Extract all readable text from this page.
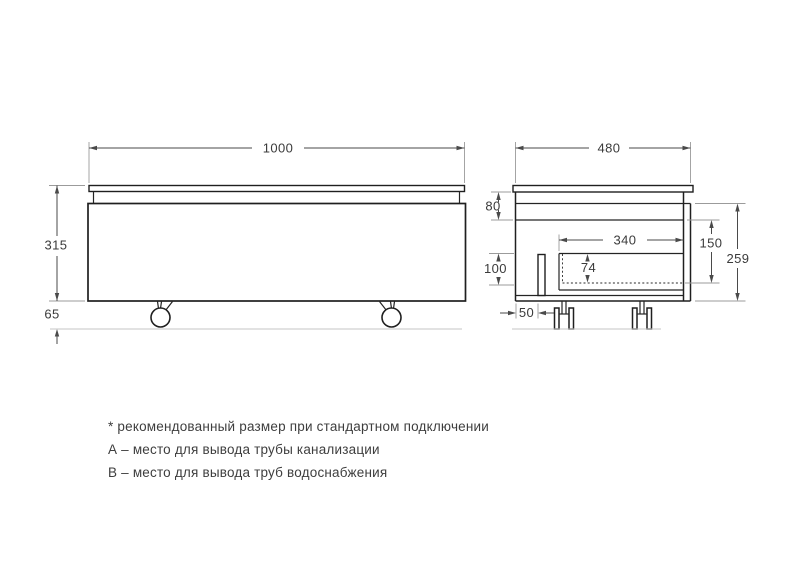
1000
315
65
480
80
100
340
74
150
259
50

* рекомендованный размер при стандартном подключении

А – место для вывода трубы канализации

В – место для вывода труб водоснабжения
